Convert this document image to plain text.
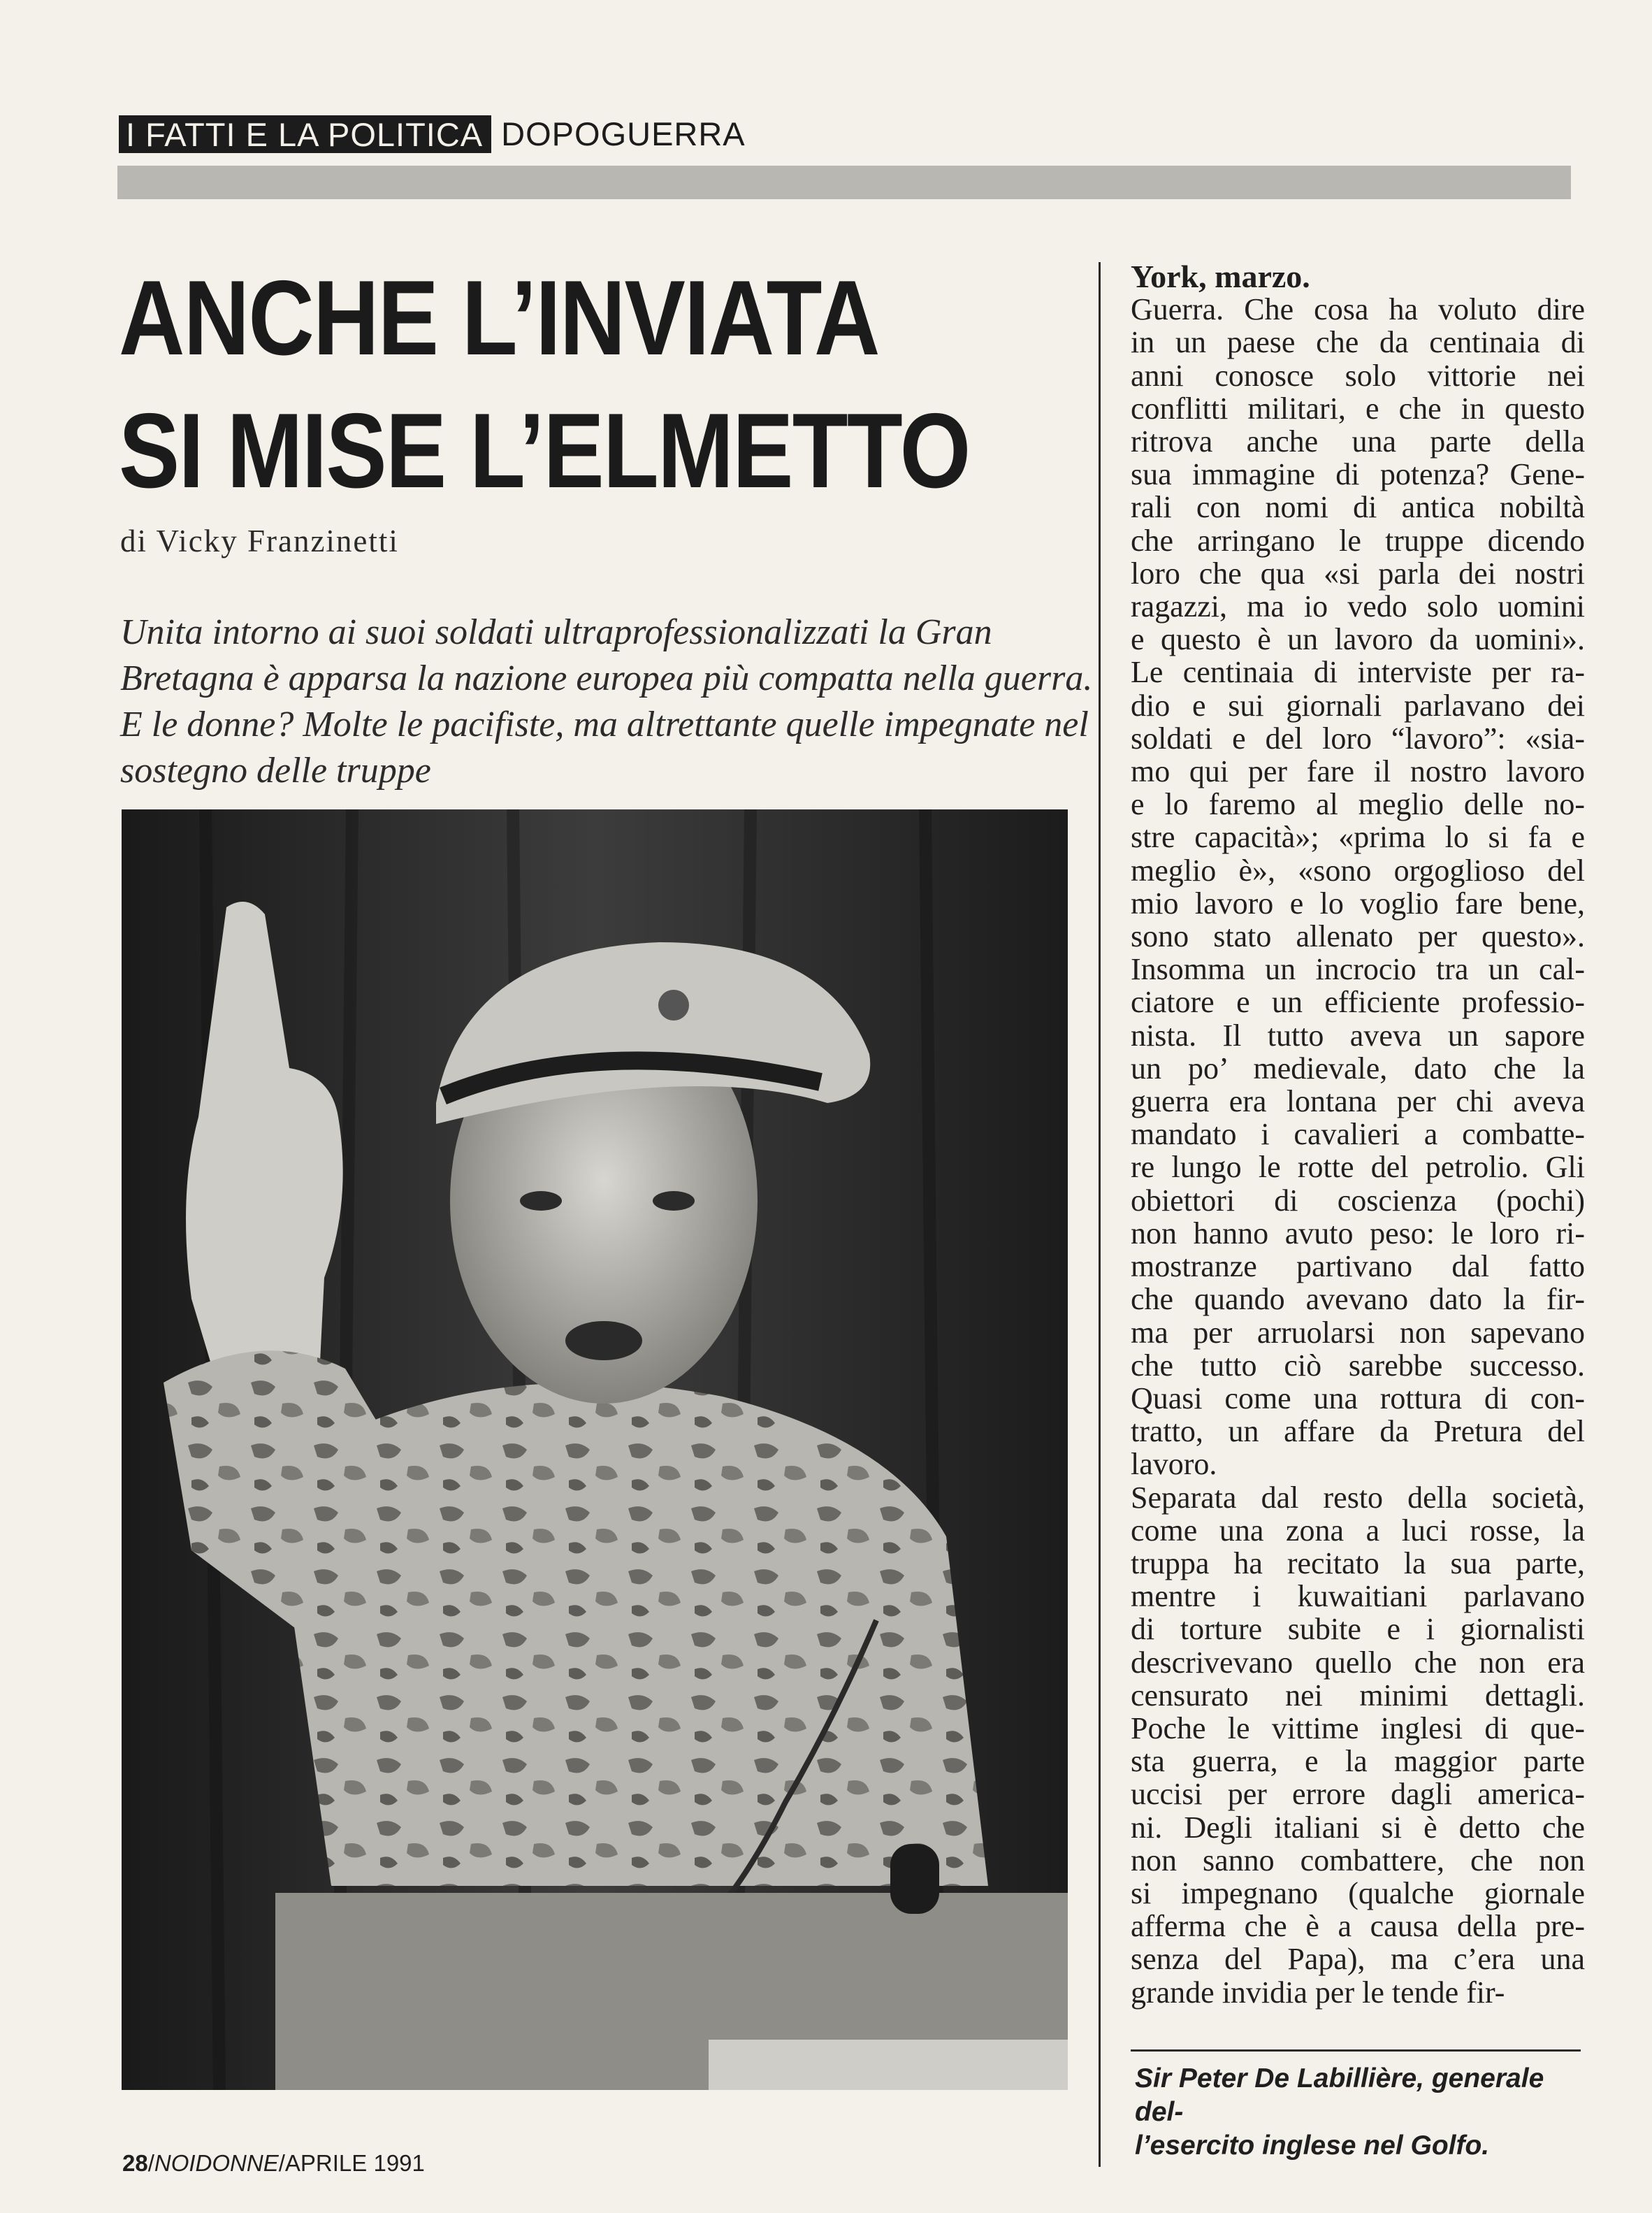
I FATTI E LA POLITICA DOPOGUERRA
ANCHE L’INVIATA
SI MISE L’ELMETTO
di Vicky Franzinetti
Unita intorno ai suoi soldati ultraprofessionalizzati la Gran Bretagna è apparsa la nazione europea più compatta nella guerra. E le donne? Molte le pacifiste, ma altrettante quelle impegnate nel sostegno delle truppe
York, marzo.
Guerra. Che cosa ha voluto dire
in un paese che da centinaia di
anni conosce solo vittorie nei
conflitti militari, e che in questo
ritrova anche una parte della
sua immagine di potenza? Gene-
rali con nomi di antica nobiltà
che arringano le truppe dicendo
loro che qua «si parla dei nostri
ragazzi, ma io vedo solo uomini
e questo è un lavoro da uomini».
Le centinaia di interviste per ra-
dio e sui giornali parlavano dei
soldati e del loro “lavoro”: «sia-
mo qui per fare il nostro lavoro
e lo faremo al meglio delle no-
stre capacità»; «prima lo si fa e
meglio è», «sono orgoglioso del
mio lavoro e lo voglio fare bene,
sono stato allenato per questo».
Insomma un incrocio tra un cal-
ciatore e un efficiente professio-
nista. Il tutto aveva un sapore
un po’ medievale, dato che la
guerra era lontana per chi aveva
mandato i cavalieri a combatte-
re lungo le rotte del petrolio. Gli
obiettori di coscienza (pochi)
non hanno avuto peso: le loro ri-
mostranze partivano dal fatto
che quando avevano dato la fir-
ma per arruolarsi non sapevano
che tutto ciò sarebbe successo.
Quasi come una rottura di con-
tratto, un affare da Pretura del
lavoro.
Separata dal resto della società,
come una zona a luci rosse, la
truppa ha recitato la sua parte,
mentre i kuwaitiani parlavano
di torture subite e i giornalisti
descrivevano quello che non era
censurato nei minimi dettagli.
Poche le vittime inglesi di que-
sta guerra, e la maggior parte
uccisi per errore dagli america-
ni. Degli italiani si è detto che
non sanno combattere, che non
si impegnano (qualche giornale
afferma che è a causa della pre-
senza del Papa), ma c’era una
grande invidia per le tende fir-
Sir Peter De Labillière, generale del-
l’esercito inglese nel Golfo.
28/NOIDONNE/APRILE 1991
